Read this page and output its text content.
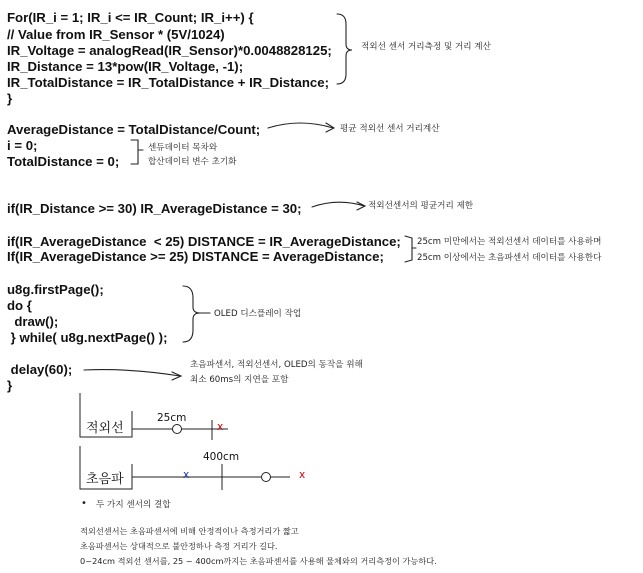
For(IR_i = 1; IR_i <= IR_Count; IR_i++) {
// Value from IR_Sensor * (5V/1024)
IR_Voltage = analogRead(IR_Sensor)*0.0048828125;
IR_Distance = 13*pow(IR_Voltage, -1);
IR_TotalDistance = IR_TotalDistance + IR_Distance;
}
AverageDistance = TotalDistance/Count;
i = 0;
TotalDistance = 0;
if(IR_Distance >= 30) IR_AverageDistance = 30;
if(IR_AverageDistance  < 25) DISTANCE = IR_AverageDistance;
If(IR_AverageDistance >= 25) DISTANCE = AverageDistance;
u8g.firstPage();
do {
draw();
} while( u8g.nextPage() );
delay(60);
}
적외선 센서 거리측정 및 거리 계산
평균 적외선 센서 거리계산
센듀데이터 목차와
합산데이터 변수 초기화
적외선센서의 평균거리 제한
25cm 미만에서는 적외선센서 데이터를 사용하며
25cm 이상에서는 초음파센서 데이터를 사용한다
OLED 디스플레이 작업
초음파센서, 적외선센서, OLED의 동작을 위해
최소 60ms의 지연을 포함
적외선
25cm
x
초음파
400cm
x	x
• 두 가지 센서의 결합
적외선센서는 초음파센서에 비해 안정적이나 측정거리가 짧고
초음파센서는 상대적으로 불안정하나 측정 거리가 길다.
0~24cm 적외선 센서를, 25 ~ 400cm까지는 초음파센서를 사용해 물체와의 거리측정이 가능하다.
